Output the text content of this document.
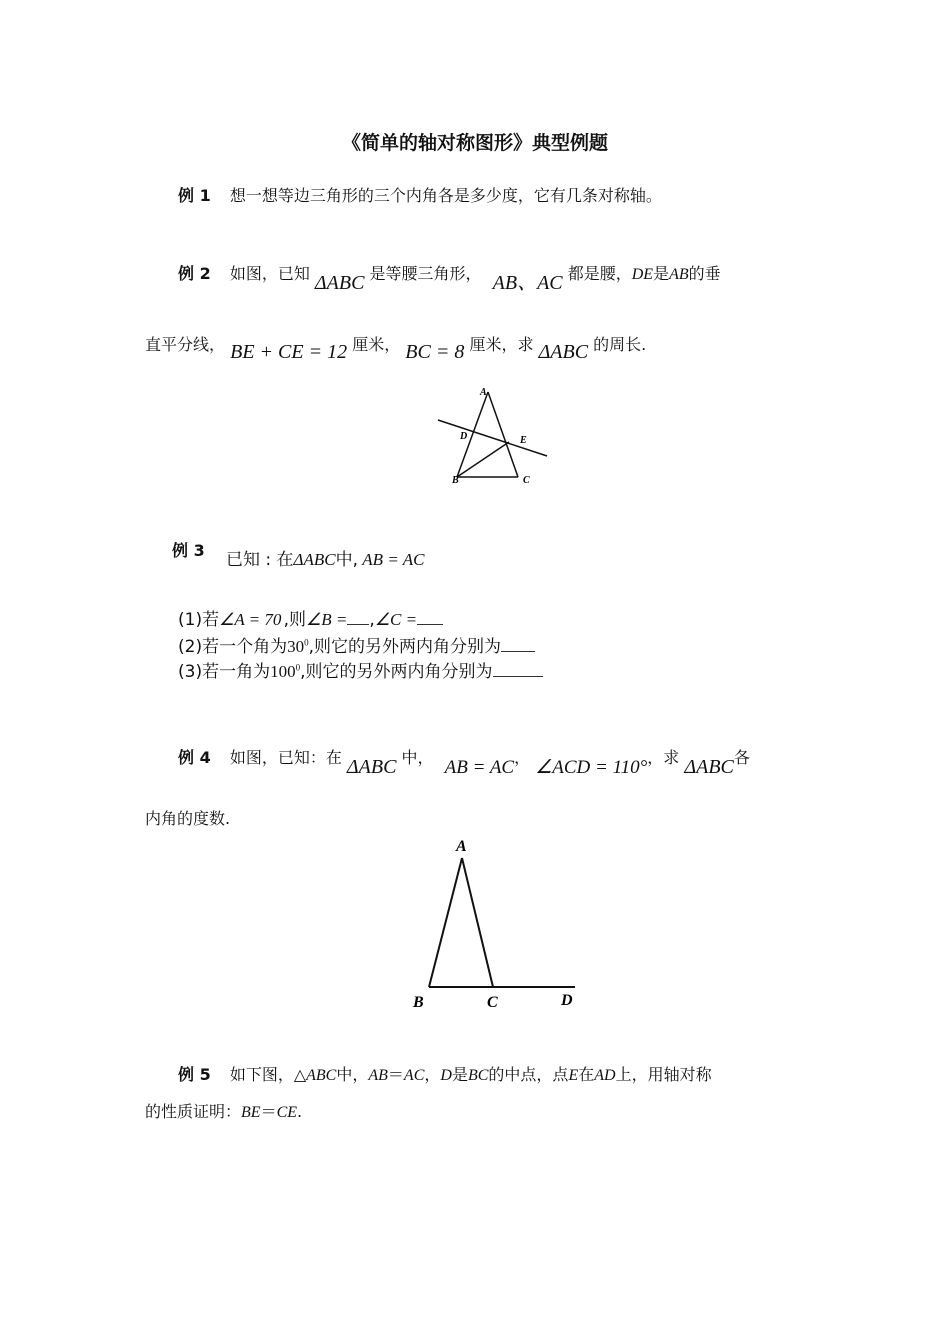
《简单的轴对称图形》典型例题
例 1 想一想等边三角形的三个内角各是多少度，它有几条对称轴。
例 2 如图，已知 ΔABC 是等腰三角形， AB、AC 都是腰，DE是AB的垂
直平分线， BE + CE = 12 厘米， BC = 8 厘米，求 ΔABC 的周长.
A
D	E
B	C
例 3 已知 : 在ΔABC中, AB = AC
(1)若∠A = 70 ,则∠B = ,∠C =
(2)若一个角为$30^0$,则它的另外两内角分别为
(3)若一角为$100^0$,则它的另外两内角分别为
例 4 如图，已知：在 ΔABC 中， AB = AC， ∠ACD = 110°，求 ΔABC各
内角的度数.
A
B	C	D
例 5 如下图，△ABC中，AB＝AC，D是BC的中点，点E在AD上，用轴对称
的性质证明：BE＝CE.
